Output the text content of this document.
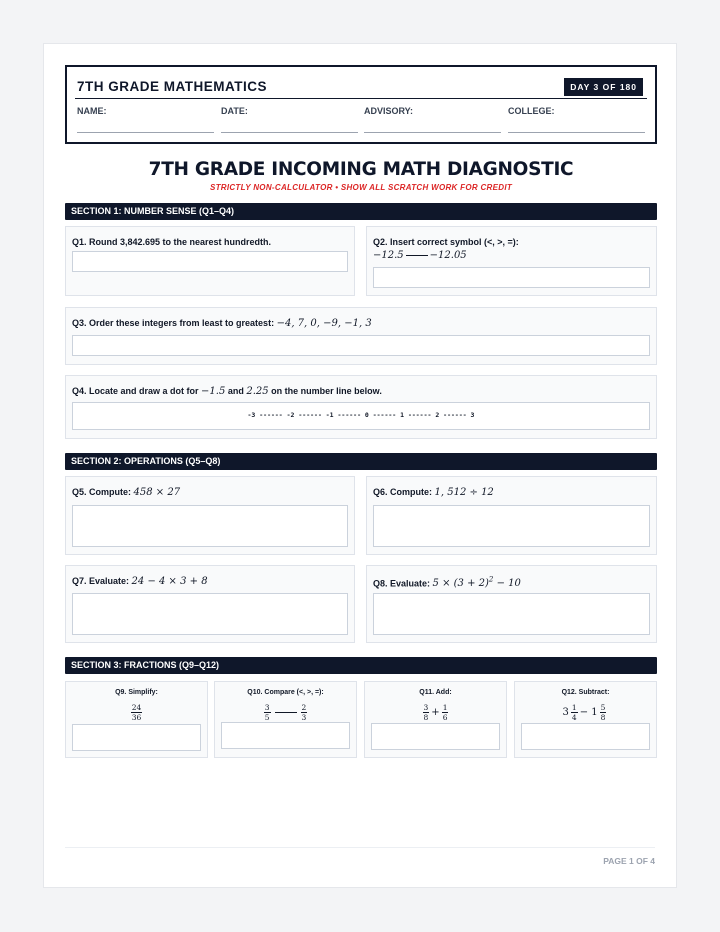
7TH GRADE MATHEMATICS	DAY 3 OF 180
NAME:	DATE:	ADVISORY:	COLLEGE:
7TH GRADE INCOMING MATH DIAGNOSTIC
STRICTLY NON-CALCULATOR • SHOW ALL SCRATCH WORK FOR CREDIT
SECTION 1: NUMBER SENSE (Q1–Q4)
Q1. Round 3,842.695 to the nearest hundredth.	Q2. Insert correct symbol (<, >, =):
−12.5	−12.05
Q3. Order these integers from least to greatest: −4, 7, 0, −9, −1, 3
Q4. Locate and draw a dot for −1.5 and 2.25 on the number line below.
-3 ------ -2 ------ -1 ------ 0 ------ 1 ------ 2 ------ 3
SECTION 2: OPERATIONS (Q5–Q8)
Q5. Compute: 458 × 27	Q6. Compute: 1, 512 ÷ 12
Q7. Evaluate: 24 − 4 × 3 + 8	Q8. Evaluate: $5 \times (3 + 2)^2 - 10$
SECTION 3: FRACTIONS (Q9–Q12)
Q9. Simplify:
$\frac{24}{36}$
Q10. Compare (<, >, =):
$\frac{3}{5}$	$\frac{2}{3}$
Q11. Add:
$\frac{3}{8} + \frac{1}{6}$
Q12. Subtract:
$3 \frac{1}{4} - 1 \frac{5}{8}$
PAGE 1 OF 4
